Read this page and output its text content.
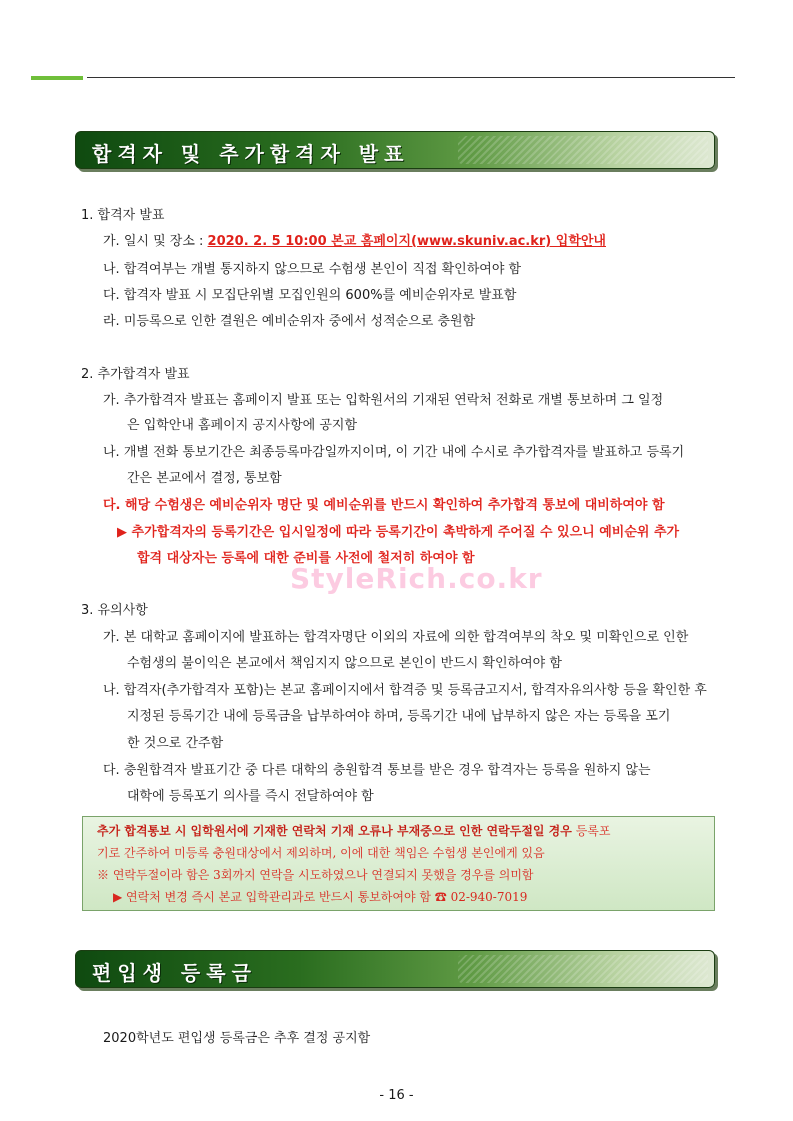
합격자 및 추가합격자 발표
1. 합격자 발표
가. 일시 및 장소 : 2020. 2. 5 10:00 본교 홈페이지(www.skuniv.ac.kr) 입학안내
나. 합격여부는 개별 통지하지 않으므로 수험생 본인이 직접 확인하여야 함
다. 합격자 발표 시 모집단위별 모집인원의 600%를 예비순위자로 발표함
라. 미등록으로 인한 결원은 예비순위자 중에서 성적순으로 충원함
2. 추가합격자 발표
가. 추가합격자 발표는 홈페이지 발표 또는 입학원서의 기재된 연락처 전화로 개별 통보하며 그 일정
은 입학안내 홈페이지 공지사항에 공지함
나. 개별 전화 통보기간은 최종등록마감일까지이며, 이 기간 내에 수시로 추가합격자를 발표하고 등록기
간은 본교에서 결정, 통보함
다. 해당 수험생은 예비순위자 명단 및 예비순위를 반드시 확인하여 추가합격 통보에 대비하여야 함
▶ 추가합격자의 등록기간은 입시일정에 따라 등록기간이 촉박하게 주어질 수 있으니 예비순위 추가
합격 대상자는 등록에 대한 준비를 사전에 철저히 하여야 함
StyleRich.co.kr
3. 유의사항
가. 본 대학교 홈페이지에 발표하는 합격자명단 이외의 자료에 의한 합격여부의 착오 및 미확인으로 인한
수험생의 불이익은 본교에서 책임지지 않으므로 본인이 반드시 확인하여야 함
나. 합격자(추가합격자 포함)는 본교 홈페이지에서 합격증 및 등록금고지서, 합격자유의사항 등을 확인한 후
지정된 등록기간 내에 등록금을 납부하여야 하며, 등록기간 내에 납부하지 않은 자는 등록을 포기
한 것으로 간주함
다. 충원합격자 발표기간 중 다른 대학의 충원합격 통보를 받은 경우 합격자는 등록을 원하지 않는
대학에 등록포기 의사를 즉시 전달하여야 함
추가 합격통보 시 입학원서에 기재한 연락처 기재 오류나 부재중으로 인한 연락두절일 경우 등록포
기로 간주하여 미등록 충원대상에서 제외하며, 이에 대한 책임은 수험생 본인에게 있음
※ 연락두절이라 함은 3회까지 연락을 시도하였으나 연결되지 못했을 경우를 의미함
▶ 연락처 변경 즉시 본교 입학관리과로 반드시 통보하여야 함 ☎ 02-940-7019
편입생 등록금
2020학년도 편입생 등록금은 추후 결정 공지함
- 16 -
